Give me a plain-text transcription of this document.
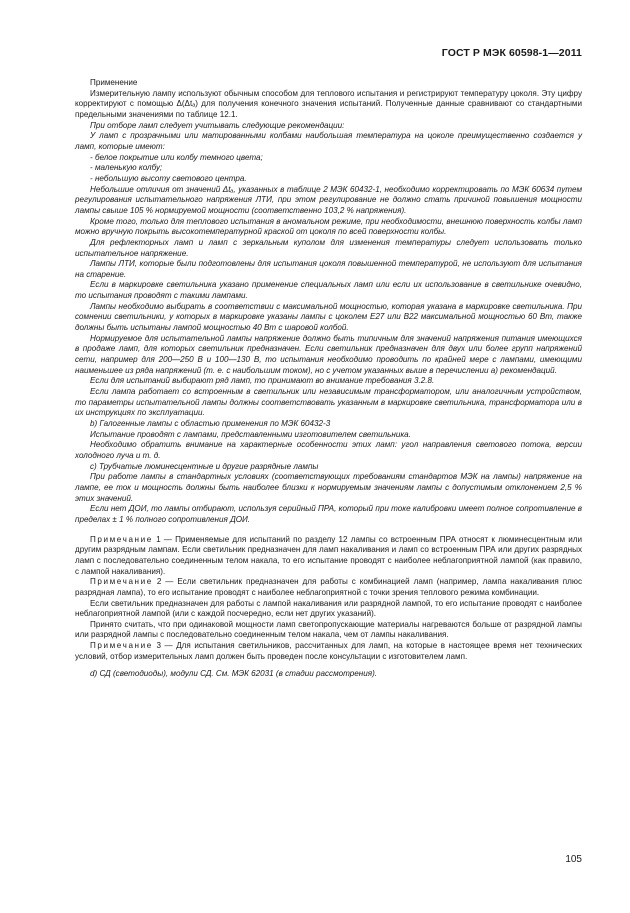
ГОСТ Р МЭК 60598-1—2011

Применение

Измерительную лампу используют обычным способом для теплового испытания и регистрируют температуру цоколя. Эту цифру корректируют с помощью Δ(Δtₐ) для получения конечного значения испытаний. Полученные данные сравнивают со стандартными предельными значениями по таблице 12.1.

При отборе ламп следует учитывать следующие рекомендации:

У ламп с прозрачными или матированными колбами наибольшая температура на цоколе преимущественно создается у ламп, которые имеют:

- белое покрытие или колбу темного цвета;

- маленькую колбу;

- небольшую высоту светового центра.

Небольшие отличия от значений Δtₐ, указанных в таблице 2 МЭК 60432-1, необходимо корректировать по МЭК 60634 путем регулирования испытательного напряжения ЛТИ, при этом регулирование не должно стать причиной повышения мощности лампы свыше 105 % нормируемой мощности (соответственно 103,2 % напряжения).

Кроме того, только для теплового испытания в аномальном режиме, при необходимости, внешнюю поверхность колбы ламп можно вручную покрыть высокотемпературной краской от цоколя по всей поверхности колбы.

Для рефлекторных ламп и ламп с зеркальным куполом для изменения температуры следует использовать только испытательное напряжение.

Лампы ЛТИ, которые были подготовлены для испытания цоколя повышенной температурой, не используют для испытания на старение.

Если в маркировке светильника указано применение специальных ламп или если их использование в светильнике очевидно, то испытания проводят с такими лампами.

Лампы необходимо выбирать в соответствии с максимальной мощностью, которая указана в маркировке светильника. При сомнении светильники, у которых в маркировке указаны лампы с цоколем E27 или B22 максимальной мощностью 60 Вт, также должны быть испытаны лампой мощностью 40 Вт с шаровой колбой.

Нормируемое для испытательной лампы напряжение должно быть типичным для значений напряжения питания имеющихся в продаже ламп, для которых светильник предназначен. Если светильник предназначен для двух или более групп напряжений сети, например для 200—250 В и 100—130 В, то испытания необходимо проводить по крайней мере с лампами, имеющими наименьшее из ряда напряжений (т. е. с наибольшим током), но с учетом указанных выше в перечислении а) рекомендаций.

Если для испытаний выбирают ряд ламп, то принимают во внимание требования 3.2.8.

Если лампа работает со встроенным в светильник или независимым трансформатором, или аналогичным устройством, то параметры испытательной лампы должны соответствовать указанным в маркировке светильника, трансформатора или в их инструкциях по эксплуатации.

b) Галогенные лампы с областью применения по МЭК 60432-3

Испытание проводят с лампами, представленными изготовителем светильника.

Необходимо обратить внимание на характерные особенности этих ламп: угол направления светового потока, версии холодного луча и т. д.

c) Трубчатые люминесцентные и другие разрядные лампы

При работе лампы в стандартных условиях (соответствующих требованиям стандартов МЭК на лампы) напряжение на лампе, ее ток и мощность должны быть наиболее близки к нормируемым значениям лампы с допустимым отклонением 2,5 % этих значений.

Если нет ДОИ, то лампы отбирают, используя серийный ПРА, который при токе калибровки имеет полное сопротивление в пределах ± 1 % полного сопротивления ДОИ.

Примечание 1 — Применяемые для испытаний по разделу 12 лампы со встроенным ПРА относят к люминесцентным или другим разрядным лампам. Если светильник предназначен для ламп накаливания и ламп со встроенным ПРА или других разрядных ламп с последовательно соединенным телом накала, то его испытание проводят с наиболее неблагоприятной лампой (как правило, с лампой накаливания).

Примечание 2 — Если светильник предназначен для работы с комбинацией ламп (например, лампа накаливания плюс разрядная лампа), то его испытание проводят с наиболее неблагоприятной с точки зрения теплового режима комбинации.

Если светильник предназначен для работы с лампой накаливания или разрядной лампой, то его испытание проводят с наиболее неблагоприятной лампой (или с каждой посчередно, если нет других указаний).

Принято считать, что при одинаковой мощности ламп светопропускающие материалы нагреваются больше от разрядной лампы или разрядной лампы с последовательно соединенным телом накала, чем от лампы накаливания.

Примечание 3 — Для испытания светильников, рассчитанных для ламп, на которые в настоящее время нет технических условий, отбор измерительных ламп должен быть проведен после консультации с изготовителем ламп.

d) СД (светодиоды), модули СД. См. МЭК 62031 (в стадии рассмотрения).

105
